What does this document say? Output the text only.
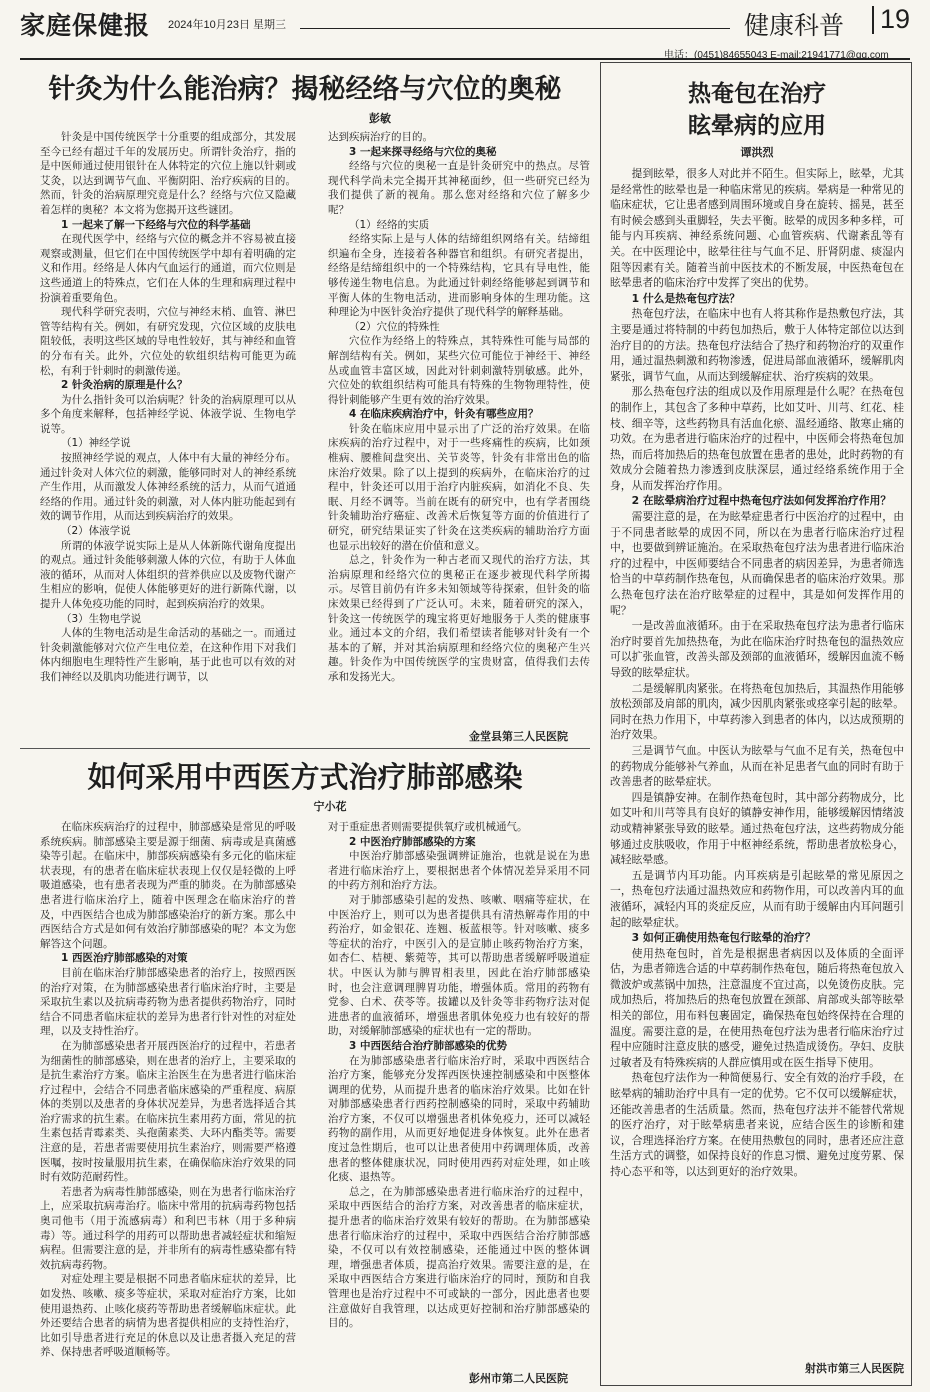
家庭保健报 2024年10月23日 星期三	健康科普 19
电话：(0451)84655043 E-mail:21941771@qq.com
针灸为什么能治病？揭秘经络与穴位的奥秘
彭敏
针灸是中国传统医学十分重要的组成部分，其发展至今已经有超过千年的发展历史。所谓针灸治疗，指的是中医师通过使用银针在人体特定的穴位上施以针刺或艾灸，以达到调节气血、平衡阴阳、治疗疾病的目的。然而，针灸的治病原理究竟是什么？经络与穴位又隐藏着怎样的奥秘？本文将为您揭开这些谜团。
1 一起来了解一下经络与穴位的科学基础
在现代医学中，经络与穴位的概念并不容易被直接观察或测量，但它们在中国传统医学中却有着明确的定义和作用。经络是人体内气血运行的通道，而穴位则是这些通道上的特殊点，它们在人体的生理和病理过程中扮演着重要角色。
现代科学研究表明，穴位与神经末梢、血管、淋巴管等结构有关。例如，有研究发现，穴位区域的皮肤电阻较低，表明这些区域的导电性较好，其与神经和血管的分布有关。此外，穴位处的软组织结构可能更为疏松，有利于针刺时的刺激传递。
2 针灸治病的原理是什么？
为什么指针灸可以治病呢？针灸的治病原理可以从多个角度来解释，包括神经学说、体液学说、生物电学说等。
（1）神经学说
按照神经学说的观点，人体中有大量的神经分布。通过针灸对人体穴位的刺激，能够同时对人的神经系统产生作用，从而激发人体神经系统的活力，从而气道通经络的作用。通过针灸的刺激，对人体内脏功能起到有效的调节作用，从而达到疾病治疗的效果。
（2）体液学说
所谓的体液学说实际上是从人体新陈代谢角度提出的观点。通过针灸能够刺激人体的穴位，有助于人体血液的循环，从而对人体组织的营养供应以及废物代谢产生相应的影响，促使人体能够更好的进行新陈代谢，以提升人体免疫功能的同时，起到疾病治疗的效果。
（3）生物电学说
人体的生物电活动是生命活动的基础之一。而通过针灸刺激能够对穴位产生电位差，在这种作用下对我们体内细胞电生理特性产生影响，基于此也可以有效的对我们神经以及肌肉功能进行调节，以
达到疾病治疗的目的。
3 一起来探寻经络与穴位的奥秘
经络与穴位的奥秘一直是针灸研究中的热点。尽管现代科学尚未完全揭开其神秘面纱，但一些研究已经为我们提供了新的视角。那么您对经络和穴位了解多少呢？
（1）经络的实质
经络实际上是与人体的结缔组织网络有关。结缔组织遍布全身，连接着各种器官和组织。有研究者提出，经络是结缔组织中的一个特殊结构，它具有导电性，能够传递生物电信息。为此通过针刺经络能够起到调节和平衡人体的生物电活动，进而影响身体的生理功能。这种理论为中医针灸治疗提供了现代科学的解释基础。
（2）穴位的特殊性
穴位作为经络上的特殊点，其特殊性可能与局部的解剖结构有关。例如，某些穴位可能位于神经干、神经丛或血管丰富区域，因此对针刺刺激特别敏感。此外，穴位处的软组织结构可能具有特殊的生物物理特性，使得针刺能够产生更有效的治疗效果。
4 在临床疾病治疗中，针灸有哪些应用？
针灸在临床应用中显示出了广泛的治疗效果。在临床疾病的治疗过程中，对于一些疼痛性的疾病，比如颈椎病、腰椎间盘突出、关节炎等，针灸有非常出色的临床治疗效果。除了以上提到的疾病外，在临床治疗的过程中，针灸还可以用于治疗内脏疾病，如消化不良、失眠、月经不调等。当前在既有的研究中，也有学者围绕针灸辅助治疗癌症、改善术后恢复等方面的价值进行了研究，研究结果证实了针灸在这类疾病的辅助治疗方面也显示出较好的潜在价值和意义。
总之，针灸作为一种古老而又现代的治疗方法，其治病原理和经络穴位的奥秘正在逐步被现代科学所揭示。尽管目前仍有许多未知领域等待探索，但针灸的临床效果已经得到了广泛认可。未来，随着研究的深入，针灸这一传统医学的瑰宝将更好地服务于人类的健康事业。通过本文的介绍，我们希望读者能够对针灸有一个基本的了解，并对其治病原理和经络穴位的奥秘产生兴趣。针灸作为中国传统医学的宝贵财富，值得我们去传承和发扬光大。
金堂县第三人民医院
如何采用中西医方式治疗肺部感染
宁小花
在临床疾病治疗的过程中，肺部感染是常见的呼吸系统疾病。肺部感染主要是源于细菌、病毒或是真菌感染等引起。在临床中，肺部疾病感染有多元化的临床症状表现，有的患者在临床症状表现上仅仅是轻微的上呼吸道感染，也有患者表现为严重的肺炎。在为肺部感染患者进行临床治疗上，随着中医理念在临床治疗的普及，中西医结合也成为肺部感染治疗的新方案。那么中西医结合方式是如何有效治疗肺部感染的呢？本文为您解答这个问题。
1 西医治疗肺部感染的对策
目前在临床治疗肺部感染患者的治疗上，按照西医的治疗对策，在为肺部感染患者行临床治疗时，主要是采取抗生素以及抗病毒药物为患者提供药物治疗，同时结合不同患者临床症状的差异为患者行针对性的对症处理，以及支持性治疗。
在为肺部感染患者开展西医治疗的过程中，若患者为细菌性的肺部感染，则在患者的治疗上，主要采取的是抗生素治疗方案。临床主治医生在为患者进行临床治疗过程中，会结合不同患者临床感染的严重程度、病原体的类别以及患者的身体状况差异，为患者选择适合其治疗需求的抗生素。在临床抗生素用药方面，常见的抗生素包括青霉素类、头孢菌素类、大环内酯类等。需要注意的是，若患者需要使用抗生素治疗，则需要严格遵医嘱，按时按量服用抗生素，在确保临床治疗效果的同时有效防范耐药性。
若患者为病毒性肺部感染，则在为患者行临床治疗上，应采取抗病毒治疗。临床中常用的抗病毒药物包括奥司他韦（用于流感病毒）和利巴韦林（用于多种病毒）等。通过科学的用药可以帮助患者减轻症状和缩短病程。但需要注意的是，并非所有的病毒性感染都有特效抗病毒药物。
对症处理主要是根据不同患者临床症状的差异，比如发热、咳嗽、痰多等症状，采取对症治疗方案，比如使用退热药、止咳化痰药等帮助患者缓解临床症状。此外还要结合患者的病情为患者提供相应的支持性治疗，比如引导患者进行充足的休息以及让患者摄入充足的营养、保持患者呼吸道顺畅等。
对于重症患者则需要提供氧疗或机械通气。
2 中医治疗肺部感染的方案
中医治疗肺部感染强调辨证施治，也就是说在为患者进行临床治疗上，要根据患者个体情况差异采用不同的中药方剂和治疗方法。
对于肺部感染引起的发热、咳嗽、咽痛等症状，在中医治疗上，则可以为患者提供具有清热解毒作用的中药治疗，如金银花、连翘、板蓝根等。针对咳嗽、痰多等症状的治疗，中医引入的是宣肺止咳药物治疗方案，如杏仁、桔梗、紫菀等，其可以帮助患者缓解呼吸道症状。中医认为肺与脾胃相表里，因此在治疗肺部感染时，也会注意调理脾胃功能，增强体质。常用的药物有党参、白术、茯苓等。拔罐以及针灸等非药物疗法对促进患者的血液循环，增强患者肌体免疫力也有较好的帮助，对缓解肺部感染的症状也有一定的帮助。
3 中西医结合治疗肺部感染的优势
在为肺部感染患者行临床治疗时，采取中西医结合治疗方案，能够充分发挥西医快速控制感染和中医整体调理的优势，从而提升患者的临床治疗效果。比如在针对肺部感染患者行西药控制感染的同时，采取中药辅助治疗方案，不仅可以增强患者机体免疫力，还可以减轻药物的副作用，从而更好地促进身体恢复。此外在患者度过急性期后，也可以让患者使用中药调理体质，改善患者的整体健康状况，同时使用西药对症处理，如止咳化痰、退热等。
总之，在为肺部感染患者进行临床治疗的过程中，采取中西医结合的治疗方案，对改善患者的临床症状，提升患者的临床治疗效果有较好的帮助。在为肺部感染患者行临床治疗的过程中，采取中西医结合治疗肺部感染，不仅可以有效控制感染，还能通过中医的整体调理，增强患者体质，提高治疗效果。需要注意的是，在采取中西医结合方案进行临床治疗的同时，预防和自我管理也是治疗过程中不可或缺的一部分，因此患者也要注意做好自我管理，以达成更好控制和治疗肺部感染的目的。
彭州市第二人民医院
热奄包在治疗
眩晕病的应用
谭洪烈
提到眩晕，很多人对此并不陌生。但实际上，眩晕，尤其是经常性的眩晕也是一种临床常见的疾病。晕病是一种常见的临床症状，它让患者感到周围环境或自身在旋转、摇晃，甚至有时候会感到头重脚轻，失去平衡。眩晕的成因多种多样，可能与内耳疾病、神经系统问题、心血管疾病、代谢紊乱等有关。在中医理论中，眩晕往往与气血不足、肝肾阴虚、痰湿内阻等因素有关。随着当前中医技术的不断发展，中医热奄包在眩晕患者的临床治疗中发挥了突出的优势。
1 什么是热奄包疗法？
热奄包疗法，在临床中也有人将其称作是热敷包疗法，其主要是通过将特制的中药包加热后，敷于人体特定部位以达到治疗目的的方法。热奄包疗法结合了热疗和药物治疗的双重作用，通过温热刺激和药物渗透，促进局部血液循环，缓解肌肉紧张，调节气血，从而达到缓解症状、治疗疾病的效果。
那么热奄包疗法的组成以及作用原理是什么呢？在热奄包的制作上，其包含了多种中草药，比如艾叶、川芎、红花、桂枝、细辛等，这些药物具有活血化瘀、温经通络、散寒止痛的功效。在为患者进行临床治疗的过程中，中医师会将热奄包加热，而后将加热后的热奄包放置在患者的患处，此时药物的有效成分会随着热力渗透到皮肤深层，通过经络系统作用于全身，从而发挥治疗作用。
2 在眩晕病治疗过程中热奄包疗法如何发挥治疗作用？
需要注意的是，在为眩晕症患者行中医治疗的过程中，由于不同患者眩晕的成因不同，所以在为患者行临床治疗过程中，也要做到辨证施治。在采取热奄包疗法为患者进行临床治疗的过程中，中医师要结合不同患者的病因差异，为患者筛选恰当的中草药制作热奄包，从而确保患者的临床治疗效果。那么热奄包疗法在治疗眩晕症的过程中，其是如何发挥作用的呢？
一是改善血液循环。由于在采取热奄包疗法为患者行临床治疗时要首先加热热奄，为此在临床治疗时热奄包的温热效应可以扩张血管，改善头部及颈部的血液循环，缓解因血流不畅导致的眩晕症状。
二是缓解肌肉紧张。在将热奄包加热后，其温热作用能够放松颈部及肩部的肌肉，减少因肌肉紧张或痉挛引起的眩晕。同时在热力作用下，中草药渗入到患者的体内，以达成预期的治疗效果。
三是调节气血。中医认为眩晕与气血不足有关，热奄包中的药物成分能够补气养血，从而在补足患者气血的同时有助于改善患者的眩晕症状。
四是镇静安神。在制作热奄包时，其中部分药物成分，比如艾叶和川芎等具有良好的镇静安神作用，能够缓解因情绪波动或精神紧张导致的眩晕。通过热奄包疗法，这些药物成分能够通过皮肤吸收，作用于中枢神经系统，帮助患者放松身心，减轻眩晕感。
五是调节内耳功能。内耳疾病是引起眩晕的常见原因之一，热奄包疗法通过温热效应和药物作用，可以改善内耳的血液循环，减轻内耳的炎症反应，从而有助于缓解由内耳问题引起的眩晕症状。
3 如何正确使用热奄包行眩晕的治疗？
使用热奄包时，首先是根据患者病因以及体质的全面评估，为患者筛选合适的中草药制作热奄包，随后将热奄包放入微波炉或蒸锅中加热，注意温度不宜过高，以免烫伤皮肤。完成加热后，将加热后的热奄包放置在颈部、肩部或头部等眩晕相关的部位，用布料包裹固定，确保热奄包始终保持在合理的温度。需要注意的是，在使用热奄包疗法为患者行临床治疗过程中应随时注意皮肤的感受，避免过热造成烫伤。孕妇、皮肤过敏者及有特殊疾病的人群应慎用或在医生指导下使用。
热奄包疗法作为一种简便易行、安全有效的治疗手段，在眩晕病的辅助治疗中具有一定的优势。它不仅可以缓解症状，还能改善患者的生活质量。然而，热奄包疗法并不能替代常规的医疗治疗，对于眩晕病患者来说，应结合医生的诊断和建议，合理选择治疗方案。在使用热敷包的同时，患者还应注意生活方式的调整，如保持良好的作息习惯、避免过度劳累、保持心态平和等，以达到更好的治疗效果。
射洪市第三人民医院
